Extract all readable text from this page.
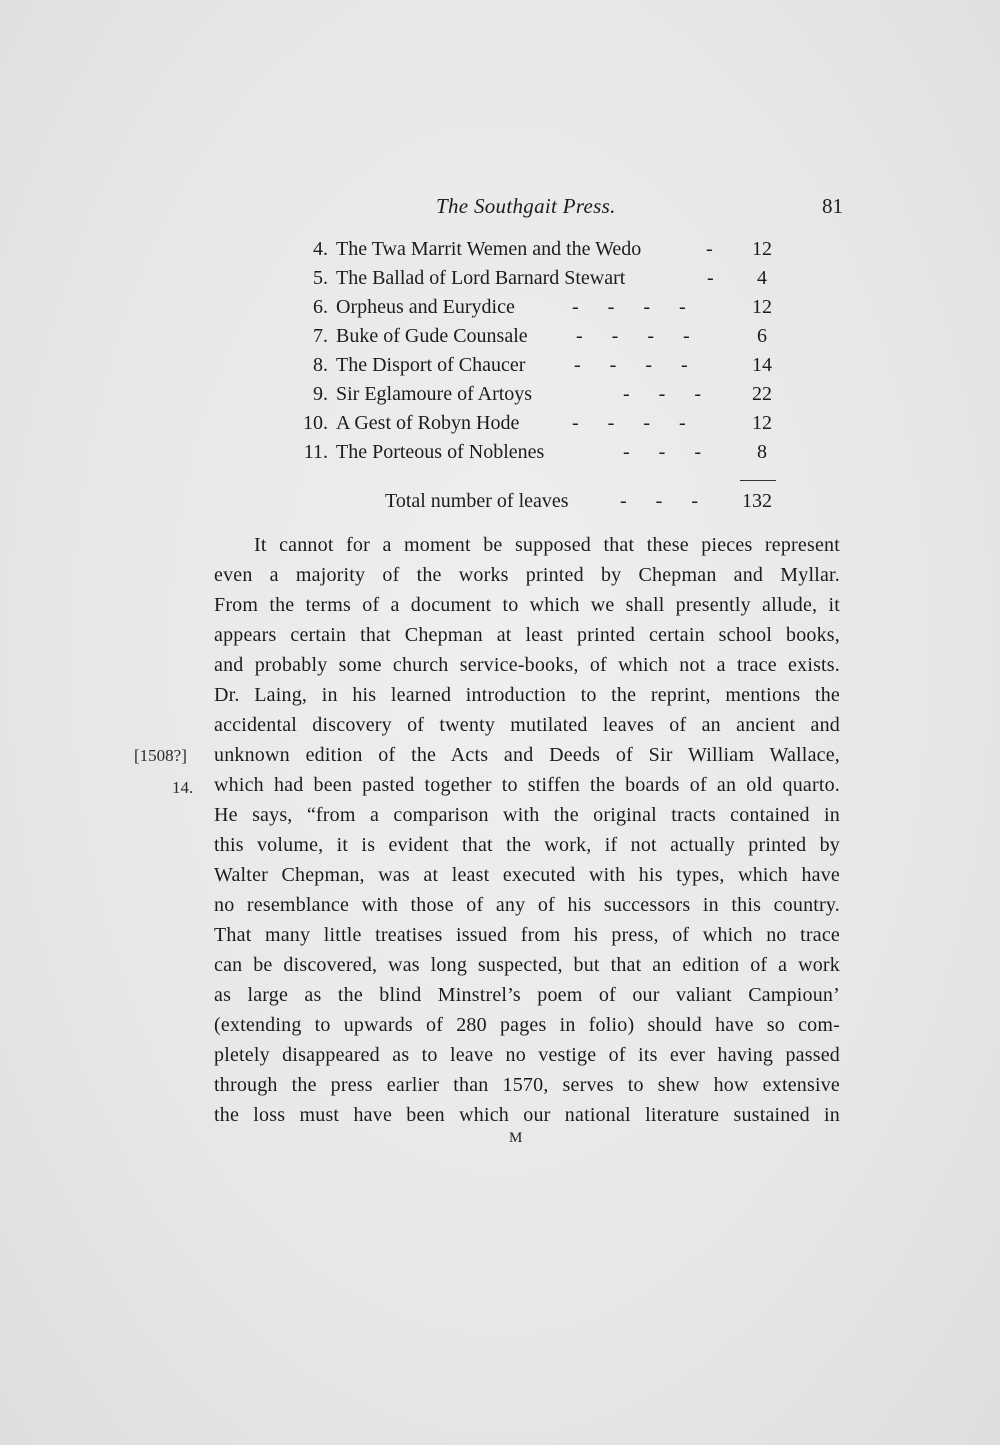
The Southgait Press.	81
4. The Twa Marrit Wemen and the Wedo	- 12
5. The Ballad of Lord Barnard Stewart	-	4
6. Orpheus and Eurydice	- - - -	12
7. Buke of Gude Counsale - - - -	6
8. The Disport of Chaucer - - - -	14
9. Sir Eglamoure of Artoys	- - -	22
10. A Gest of Robyn Hode	- - - -	12
11. The Porteous of Noblenes	- - -	8
Total number of leaves	- - - 132
It cannot for a moment be supposed that these pieces represent
even a majority of the works printed by Chepman and Myllar.
From the terms of a document to which we shall presently allude, it
appears certain that Chepman at least printed certain school books,
and probably some church service-books, of which not a trace exists.
Dr. Laing, in his learned introduction to the reprint, mentions the
accidental discovery of twenty mutilated leaves of an ancient and
unknown edition of the Acts and Deeds of Sir William Wallace,
which had been pasted together to stiffen the boards of an old quarto.
He says, “from a comparison with the original tracts contained in
this volume, it is evident that the work, if not actually printed by
Walter Chepman, was at least executed with his types, which have
no resemblance with those of any of his successors in this country.
That many little treatises issued from his press, of which no trace
can be discovered, was long suspected, but that an edition of a work
as large as the blind Minstrel’s poem of our valiant Campioun’
(extending to upwards of 280 pages in folio) should have so com-
pletely disappeared as to leave no vestige of its ever having passed
through the press earlier than 1570, serves to shew how extensive
the loss must have been which our national literature sustained in
[1508?]
14.
M
